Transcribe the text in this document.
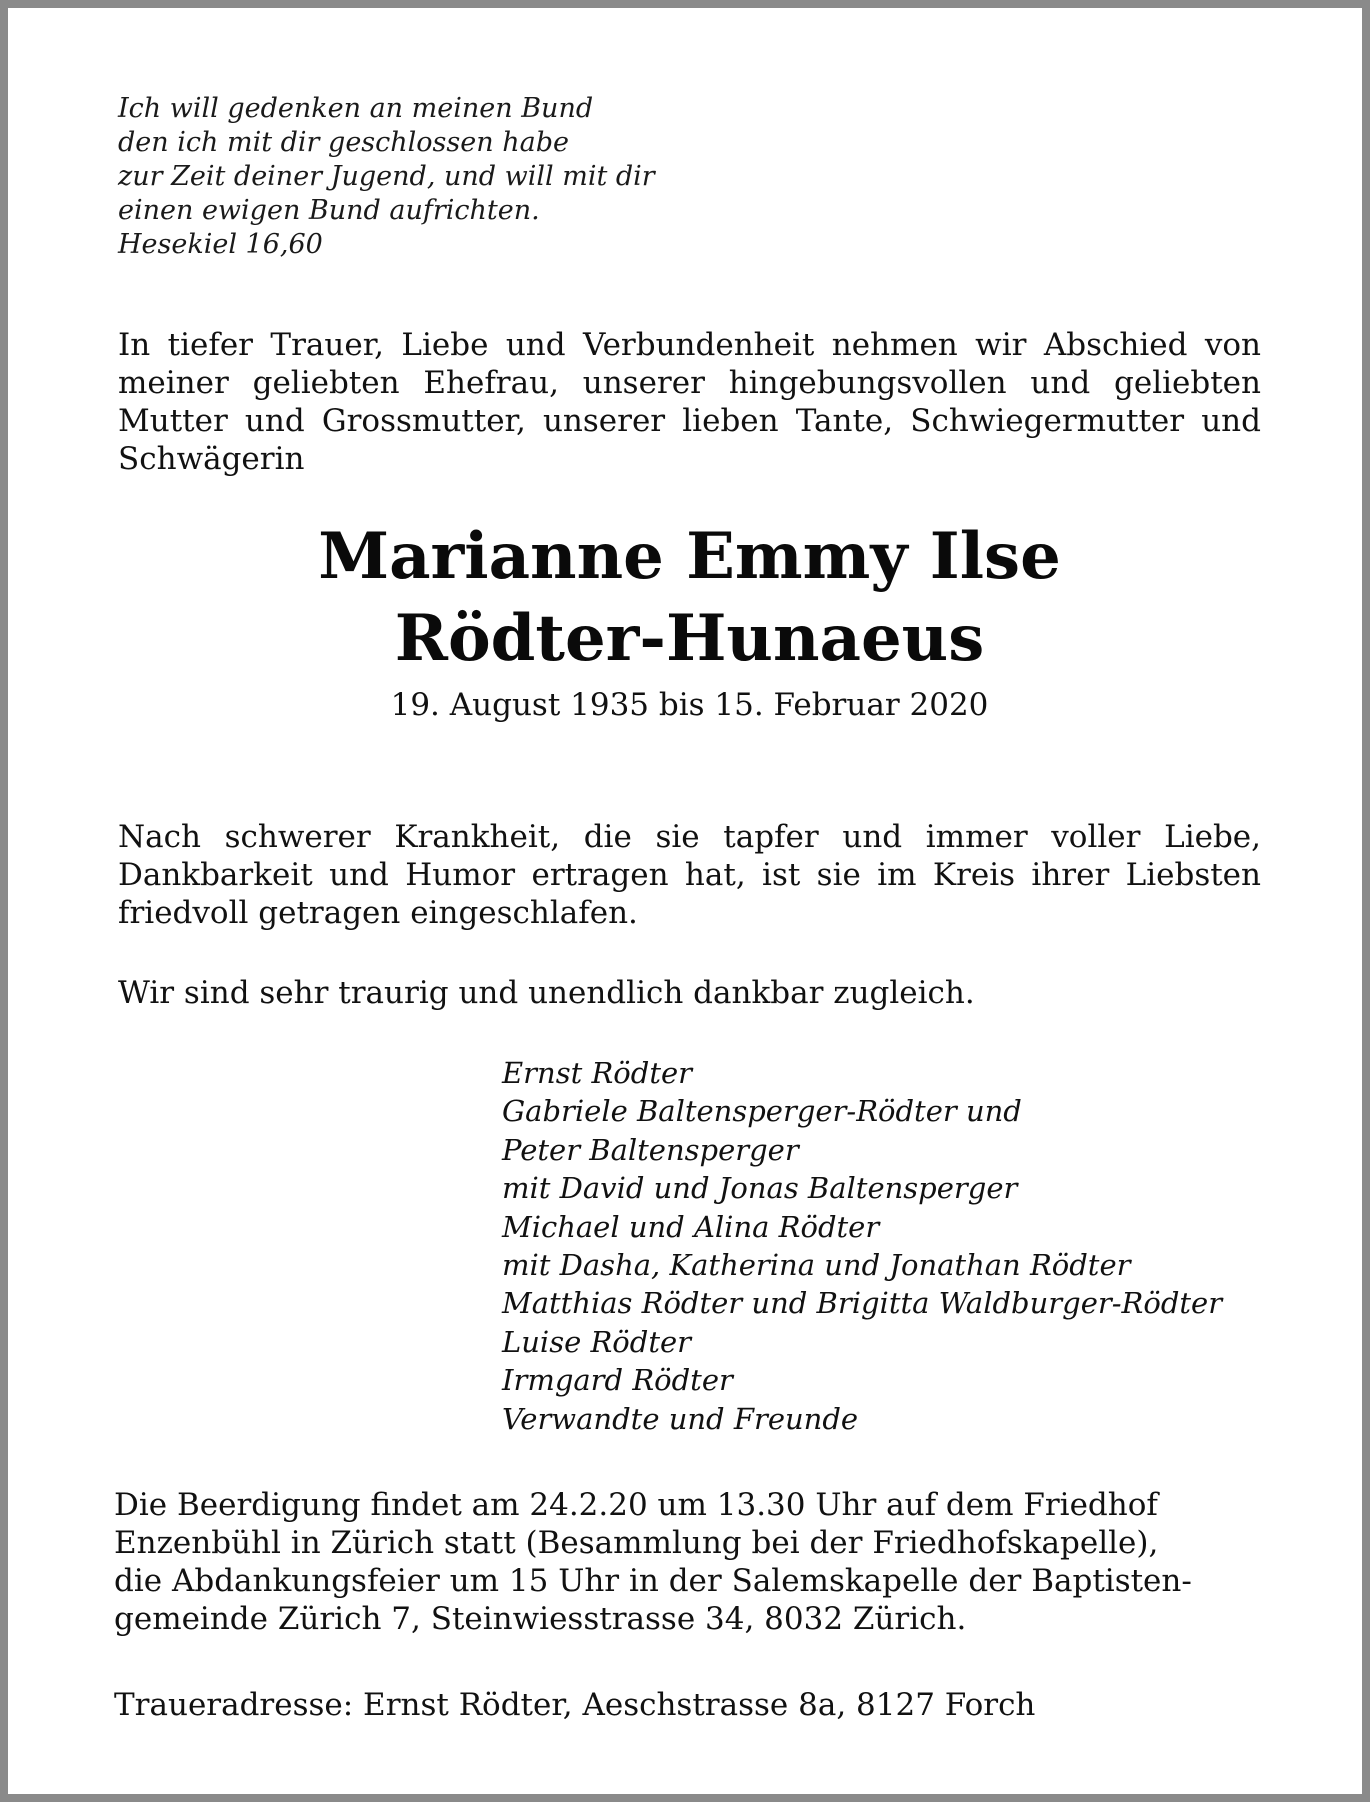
Ich will gedenken an meinen Bund
den ich mit dir geschlossen habe
zur Zeit deiner Jugend, und will mit dir
einen ewigen Bund aufrichten.
Hesekiel 16,60
In tiefer Trauer, Liebe und Verbundenheit nehmen wir Abschied von meiner geliebten Ehefrau, unserer hingebungsvollen und geliebten Mutter und Grossmutter, unserer lieben Tante, Schwiegermutter und Schwägerin
Marianne Emmy Ilse
Rödter-Hunaeus
19. August 1935 bis 15. Februar 2020
Nach schwerer Krankheit, die sie tapfer und immer voller Liebe, Dankbarkeit und Humor ertragen hat, ist sie im Kreis ihrer Liebsten friedvoll getragen eingeschlafen.
Wir sind sehr traurig und unendlich dankbar zugleich.
Ernst Rödter
Gabriele Baltensperger-Rödter und
Peter Baltensperger
mit David und Jonas Baltensperger
Michael und Alina Rödter
mit Dasha, Katherina und Jonathan Rödter
Matthias Rödter und Brigitta Waldburger-Rödter
Luise Rödter
Irmgard Rödter
Verwandte und Freunde
Die Beerdigung findet am 24.2.20 um 13.30 Uhr auf dem Friedhof
Enzenbühl in Zürich statt (Besammlung bei der Friedhofskapelle),
die Abdankungsfeier um 15 Uhr in der Salemskapelle der Baptisten-
gemeinde Zürich 7, Steinwiesstrasse 34, 8032 Zürich.
Traueradresse: Ernst Rödter, Aeschstrasse 8a, 8127 Forch
